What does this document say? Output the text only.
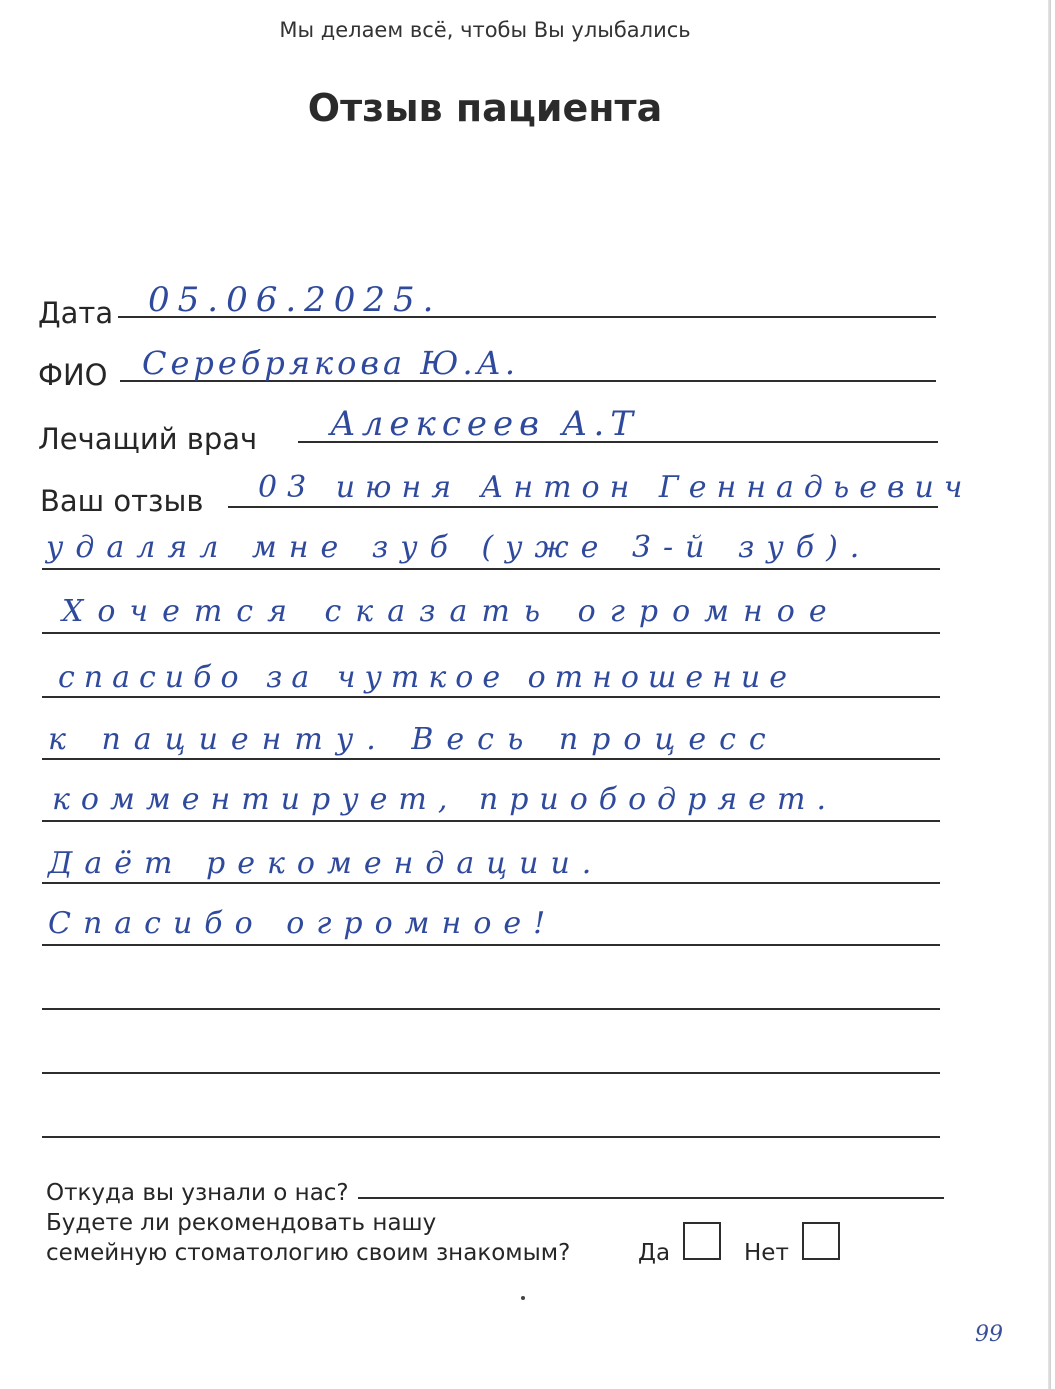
Мы делаем всё, чтобы Вы улыбались
Отзыв пациента
Дата 05.06.2025.
ФИО Серебрякова Ю.А.
Лечащий врач Алексеев А.Т
Ваш отзыв 03 июня Антон Геннадьевич
удалял мне зуб (уже 3-й зуб).
Хочется сказать огромное
спасибо за чуткое отношение
к пациенту. Весь процесс
комментирует, приободряет.
Даёт рекомендации.
Спасибо огромное!
Откуда вы узнали о нас?
Будете ли рекомендовать нашу
семейную стоматологию своим знакомым?	Да	Нет
99
